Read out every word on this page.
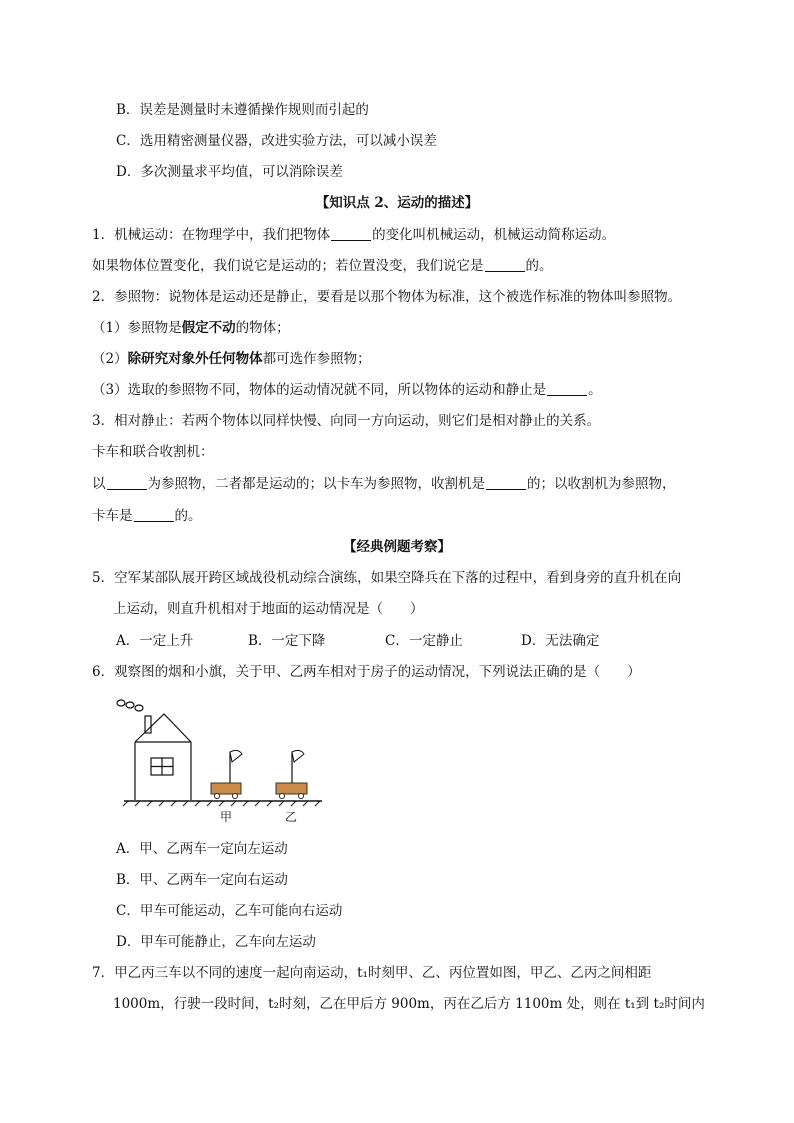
B．误差是测量时未遵循操作规则而引起的
C．选用精密测量仪器，改进实验方法，可以减小误差
D．多次测量求平均值，可以消除误差
【知识点 2、运动的描述】
1．机械运动：在物理学中，我们把物体	的变化叫机械运动，机械运动简称运动。
如果物体位置变化，我们说它是运动的；若位置没变，我们说它是	的。
2．参照物：说物体是运动还是静止，要看是以那个物体为标准，这个被选作标准的物体叫参照物。
（1）参照物是假定不动的物体；
（2）除研究对象外任何物体都可选作参照物；
（3）选取的参照物不同，物体的运动情况就不同，所以物体的运动和静止是	。
3．相对静止：若两个物体以同样快慢、向同一方向运动，则它们是相对静止的关系。
卡车和联合收割机：
以	为参照物，二者都是运动的；以卡车为参照物，收割机是	的；以收割机为参照物，
卡车是	的。
【经典例题考察】
5．空军某部队展开跨区域战役机动综合演练，如果空降兵在下落的过程中，看到身旁的直升机在向
上运动，则直升机相对于地面的运动情况是（　　）
A．一定上升	B．一定下降	C．一定静止	D．无法确定
6．观察图的烟和小旗，关于甲、乙两车相对于房子的运动情况，下列说法正确的是（　　）
甲	乙
A．甲、乙两车一定向左运动
B．甲、乙两车一定向右运动
C．甲车可能运动，乙车可能向右运动
D．甲车可能静止，乙车向左运动
7．甲乙丙三车以不同的速度一起向南运动，t₁时刻甲、乙、丙位置如图，甲乙、乙丙之间相距
1000m，行驶一段时间，t₂时刻，乙在甲后方 900m，丙在乙后方 1100m 处，则在 t₁到 t₂时间内
